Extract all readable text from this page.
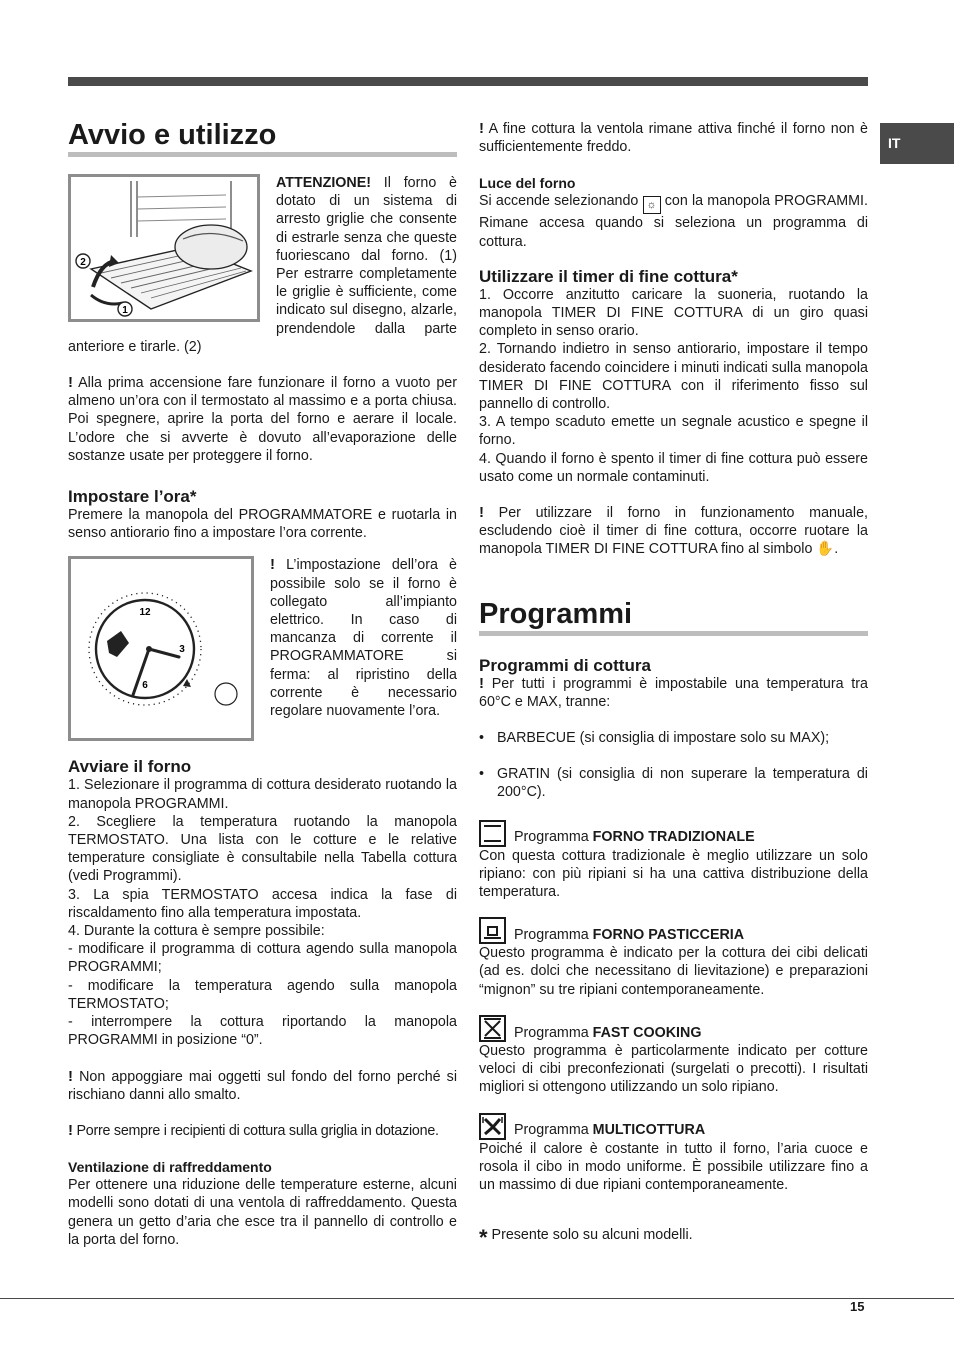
IT
Avvio e utilizzo
2
1

ATTENZIONE! Il forno è dotato di un sistema di arresto griglie che consente di estrarle senza che queste fuoriescano dal forno. (1) Per estrarre completamente le griglie è sufficiente, come indicato sul disegno, alzarle, prendendole dalla parte anteriore e tirarle. (2)

! Alla prima accensione fare funzionare il forno a vuoto per almeno un’ora con il termostato al massimo e a porta chiusa. Poi spegnere, aprire la porta del forno e aerare il locale. L’odore che si avverte è dovuto all’evaporazione delle sostanze usate per proteggere il forno.

Impostare l’ora*

Premere la manopola del PROGRAMMATORE e ruotarla in senso antiorario fino a impostare l’ora corrente.

12
3
6

! L’impostazione dell’ora è possibile solo se il forno è collegato all’impianto elettrico. In caso di mancanza di corrente il PROGRAMMATORE si ferma: al ripristino della corrente è necessario regolare nuovamente l’ora.

Avviare il forno

1. Selezionare il programma di cottura desiderato ruotando la manopola PROGRAMMI.

2. Scegliere la temperatura ruotando la manopola TERMOSTATO. Una lista con le cotture e le relative temperature consigliate è consultabile nella Tabella cottura (vedi Programmi).

3. La spia TERMOSTATO accesa indica la fase di riscaldamento fino alla temperatura impostata.

4. Durante la cottura è sempre possibile:

- modificare il programma di cottura agendo sulla manopola PROGRAMMI;

- modificare la temperatura agendo sulla manopola TERMOSTATO;

- interrompere la cottura riportando la manopola PROGRAMMI in posizione “0”.

! Non appoggiare mai oggetti sul fondo del forno perché si rischiano danni allo smalto.

! Porre sempre i recipienti di cottura sulla griglia in dotazione.

Ventilazione di raffreddamento

Per ottenere una riduzione delle temperature esterne, alcuni modelli sono dotati di una ventola di raffreddamento. Questa genera un getto d’aria che esce tra il pannello di controllo e la porta del forno.

! A fine cottura la ventola rimane attiva finché il forno non è sufficientemente freddo.

Luce del forno

Si accende selezionando ☼ con la manopola PROGRAMMI. Rimane accesa quando si seleziona un programma di cottura.

Utilizzare il timer di fine cottura*

1. Occorre anzitutto caricare la suoneria, ruotando la manopola TIMER DI FINE COTTURA di un giro quasi completo in senso orario.

2. Tornando indietro in senso antiorario, impostare il tempo desiderato facendo coincidere i minuti indicati sulla manopola TIMER DI FINE COTTURA con il riferimento fisso sul pannello di controllo.

3. A tempo scaduto emette un segnale acustico e spegne il forno.

4. Quando il forno è spento il timer di fine cottura può essere usato come un normale contaminuti.

! Per utilizzare il forno in funzionamento manuale, escludendo cioè il timer di fine cottura, occorre ruotare la manopola TIMER DI FINE COTTURA fino al simbolo ✋.

Programmi
Programmi di cottura

! Per tutti i programmi è impostabile una temperatura tra 60°C e MAX, tranne:

• BARBECUE (si consiglia di impostare solo su MAX);
• GRATIN (si consiglia di non superare la temperatura di 200°C).
Programma FORNO TRADIZIONALE

Con questa cottura tradizionale è meglio utilizzare un solo ripiano: con più ripiani si ha una cattiva distribuzione della temperatura.

Programma FORNO PASTICCERIA

Questo programma è indicato per la cottura dei cibi delicati (ad es. dolci che necessitano di lievitazione) e preparazioni “mignon” su tre ripiani contemporaneamente.

Programma FAST COOKING

Questo programma è particolarmente indicato per cotture veloci di cibi preconfezionati (surgelati o precotti). I risultati migliori si ottengono utilizzando un solo ripiano.

Programma MULTICOTTURA

Poiché il calore è costante in tutto il forno, l’aria cuoce e rosola il cibo in modo uniforme. È possibile utilizzare fino a un massimo di due ripiani contemporaneamente.

* Presente solo su alcuni modelli.

15
